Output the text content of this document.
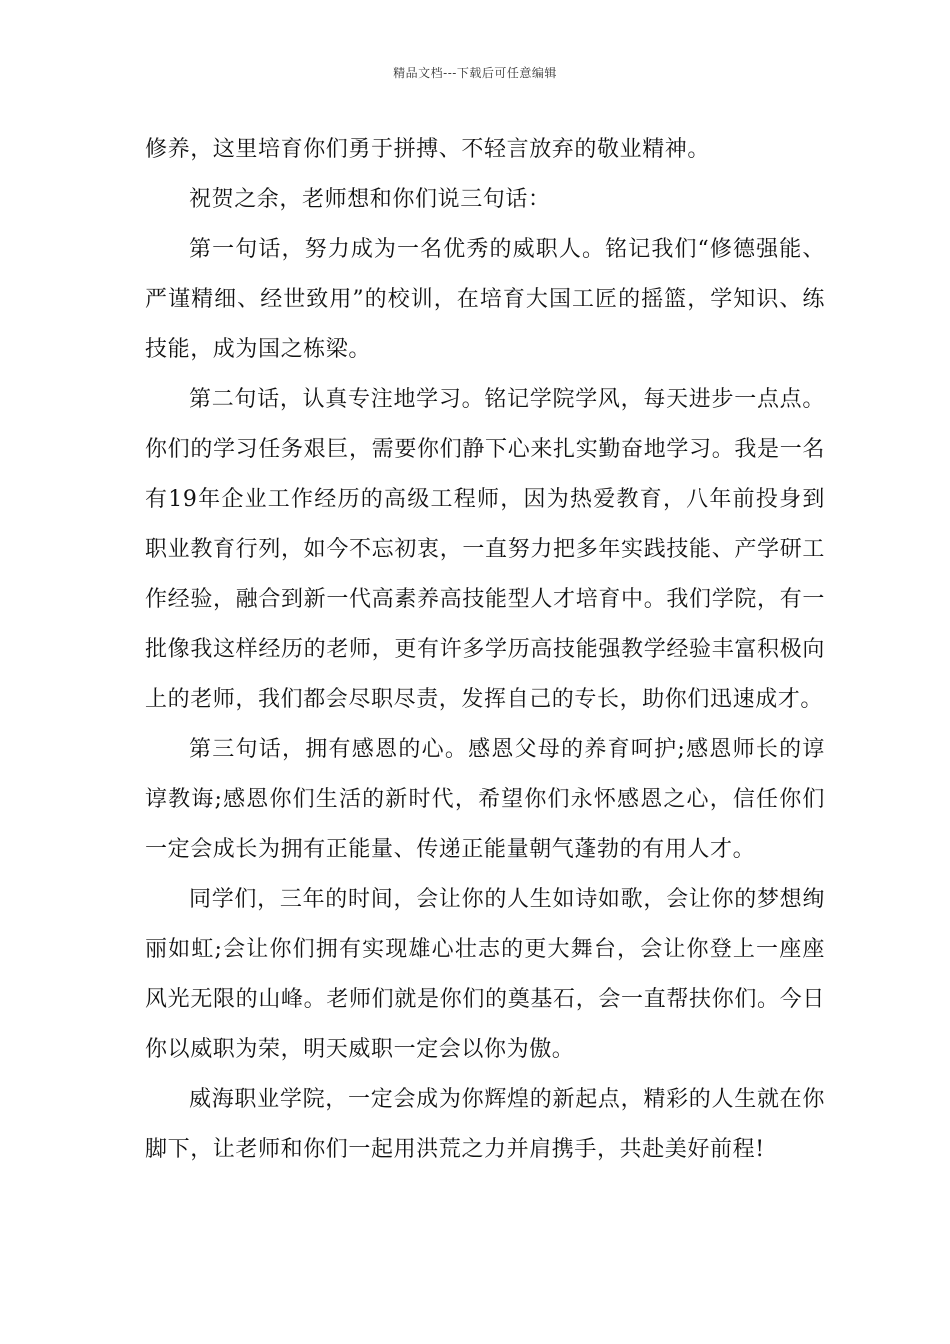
精品文档---下载后可任意编辑

修养，这里培育你们勇于拼搏、不轻言放弃的敬业精神。

祝贺之余，老师想和你们说三句话：

第一句话，努力成为一名优秀的威职人。铭记我们“修德强能、严谨精细、经世致用”的校训，在培育大国工匠的摇篮，学知识、练技能，成为国之栋梁。

第二句话，认真专注地学习。铭记学院学风，每天进步一点点。你们的学习任务艰巨，需要你们静下心来扎实勤奋地学习。我是一名有19年企业工作经历的高级工程师，因为热爱教育，八年前投身到职业教育行列，如今不忘初衷，一直努力把多年实践技能、产学研工作经验，融合到新一代高素养高技能型人才培育中。我们学院，有一批像我这样经历的老师，更有许多学历高技能强教学经验丰富积极向上的老师，我们都会尽职尽责，发挥自己的专长，助你们迅速成才。

第三句话，拥有感恩的心。感恩父母的养育呵护;感恩师长的谆谆教诲;感恩你们生活的新时代，希望你们永怀感恩之心，信任你们一定会成长为拥有正能量、传递正能量朝气蓬勃的有用人才。

同学们，三年的时间，会让你的人生如诗如歌，会让你的梦想绚丽如虹;会让你们拥有实现雄心壮志的更大舞台，会让你登上一座座风光无限的山峰。老师们就是你们的奠基石，会一直帮扶你们。今日你以威职为荣，明天威职一定会以你为傲。

威海职业学院，一定会成为你辉煌的新起点，精彩的人生就在你脚下，让老师和你们一起用洪荒之力并肩携手，共赴美好前程!
